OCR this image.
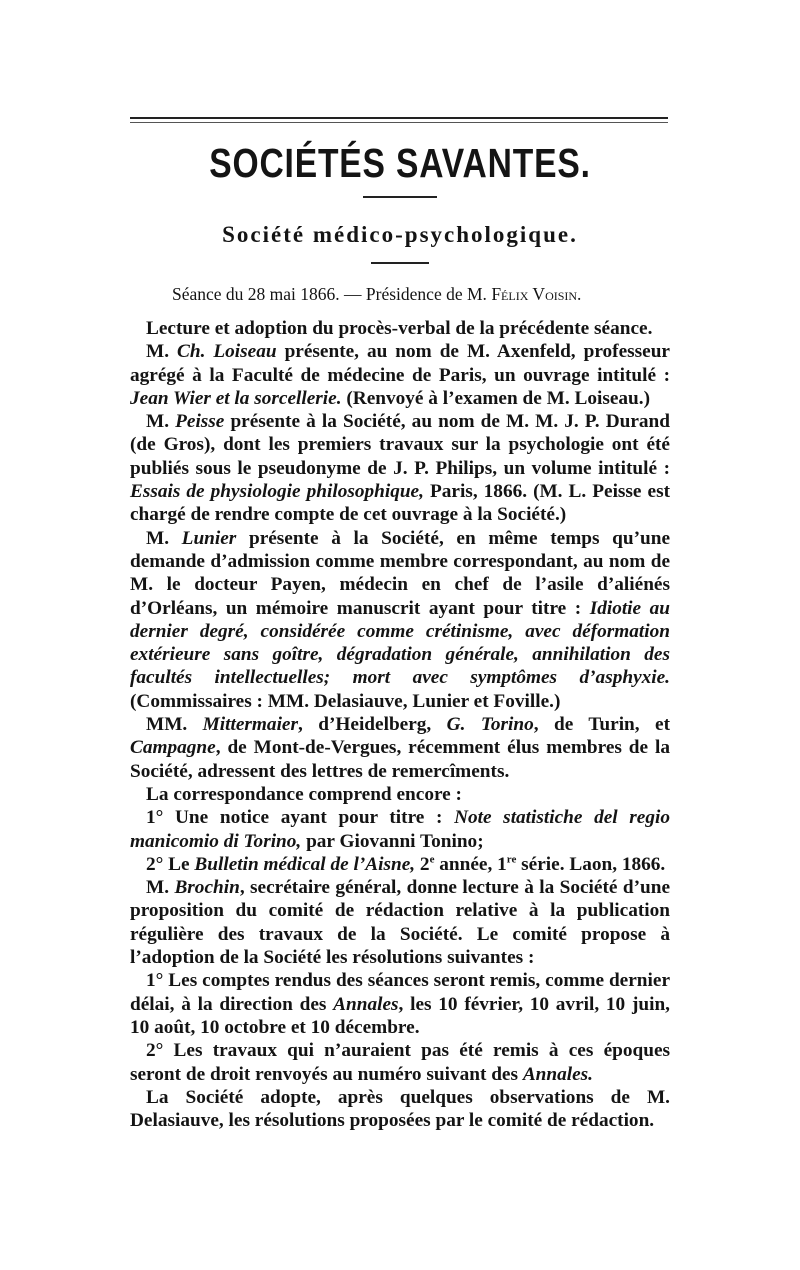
SOCIÉTÉS SAVANTES.
Société médico-psychologique.
Séance du 28 mai 1866. — Présidence de M. Félix Voisin.

Lecture et adoption du procès-verbal de la précédente séance.

M. Ch. Loiseau présente, au nom de M. Axenfeld, professeur agrégé à la Faculté de médecine de Paris, un ouvrage intitulé : Jean Wier et la sorcellerie. (Renvoyé à l’examen de M. Loiseau.)

M. Peisse présente à la Société, au nom de M. M. J. P. Durand (de Gros), dont les premiers travaux sur la psychologie ont été publiés sous le pseudonyme de J. P. Philips, un volume intitulé : Essais de physiologie philosophique, Paris, 1866. (M. L. Peisse est chargé de rendre compte de cet ouvrage à la Société.)

M. Lunier présente à la Société, en même temps qu’une demande d’admission comme membre correspondant, au nom de M. le docteur Payen, médecin en chef de l’asile d’aliénés d’Orléans, un mémoire manuscrit ayant pour titre : Idiotie au dernier degré, considérée comme crétinisme, avec déformation extérieure sans goître, dégradation générale, annihilation des facultés intellectuelles; mort avec symptômes d’asphyxie. (Commissaires : MM. Delasiauve, Lunier et Foville.)

MM. Mittermaier, d’Heidelberg, G. Torino, de Turin, et Campagne, de Mont-de-Vergues, récemment élus membres de la Société, adressent des lettres de remercîments.

La correspondance comprend encore :

1° Une notice ayant pour titre : Note statistiche del regio manicomio di Torino, par Giovanni Tonino;

2° Le Bulletin médical de l’Aisne, 2e année, 1re série. Laon, 1866.

M. Brochin, secrétaire général, donne lecture à la Société d’une proposition du comité de rédaction relative à la publication régulière des travaux de la Société. Le comité propose à l’adoption de la Société les résolutions suivantes :

1° Les comptes rendus des séances seront remis, comme dernier délai, à la direction des Annales, les 10 février, 10 avril, 10 juin, 10 août, 10 octobre et 10 décembre.

2° Les travaux qui n’auraient pas été remis à ces époques seront de droit renvoyés au numéro suivant des Annales.

La Société adopte, après quelques observations de M. Delasiauve, les résolutions proposées par le comité de rédaction.
